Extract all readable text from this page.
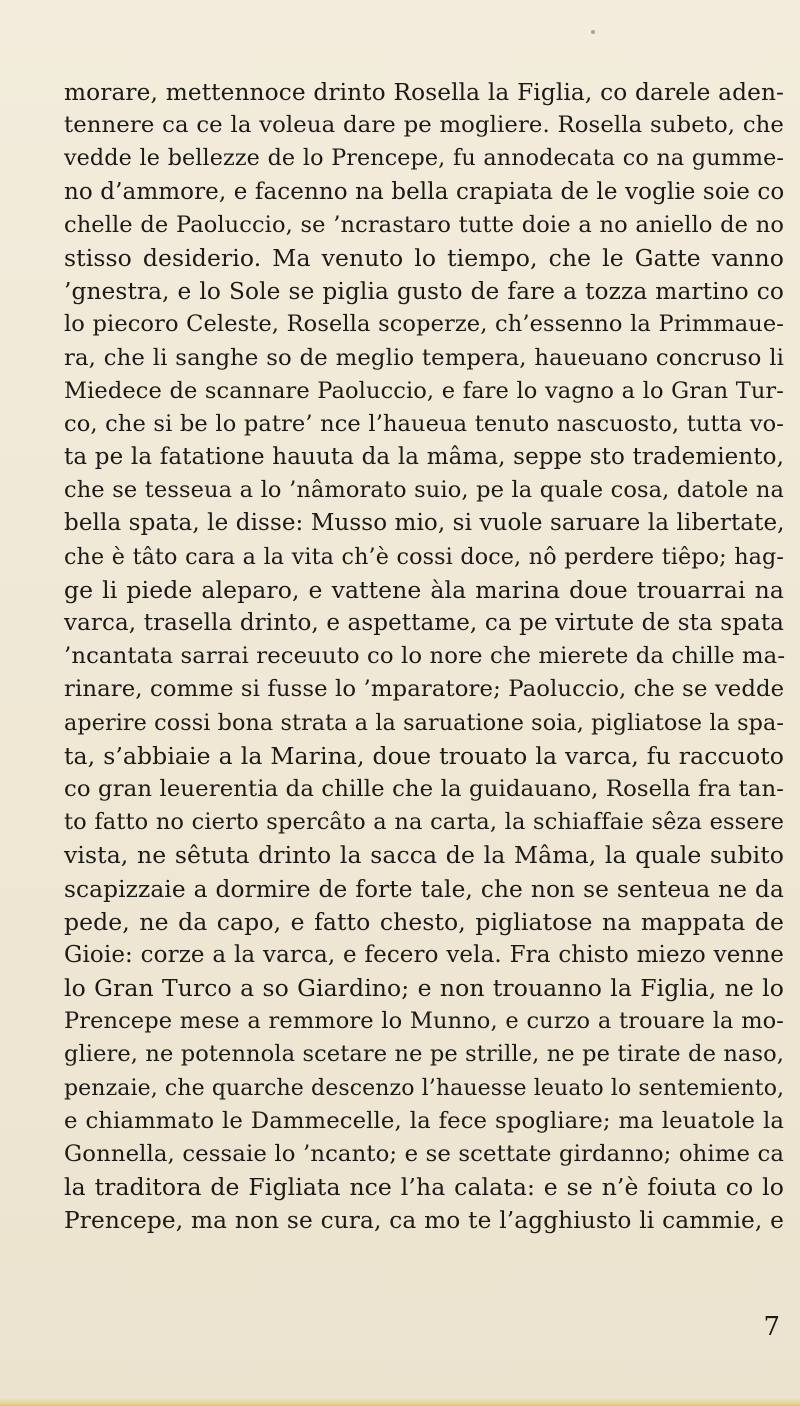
morare, mettennoce drinto Rosella la Figlia, co darele aden-
tennere ca ce la voleua dare pe mogliere. Rosella subeto, che
vedde le bellezze de lo Prencepe, fu annodecata co na gumme-
no d’ammore, e facenno na bella crapiata de le voglie soie co
chelle de Paoluccio, se ’ncrastaro tutte doie a no aniello de no
stisso desiderio. Ma venuto lo tiempo, che le Gatte vanno
’gnestra, e lo Sole se piglia gusto de fare a tozza martino co
lo piecoro Celeste, Rosella scoperze, ch’essenno la Primmaue-
ra, che li sanghe so de meglio tempera, haueuano concruso li
Miedece de scannare Paoluccio, e fare lo vagno a lo Gran Tur-
co, che si be lo patre’ nce l’haueua tenuto nascuosto, tutta vo-
ta pe la fatatione hauuta da la mâma, seppe sto trademiento,
che se tesseua a lo ’nâmorato suio, pe la quale cosa, datole na
bella spata, le disse: Musso mio, si vuole saruare la libertate,
che è tâto cara a la vita ch’è cossi doce, nô perdere tiêpo; hag-
ge li piede aleparo, e vattene àla marina doue trouarrai na
varca, trasella drinto, e aspettame, ca pe virtute de sta spata
’ncantata sarrai receuuto co lo nore che mierete da chille ma-
rinare, comme si fusse lo ’mparatore; Paoluccio, che se vedde
aperire cossi bona strata a la saruatione soia, pigliatose la spa-
ta, s’abbiaie a la Marina, doue trouato la varca, fu raccuoto
co gran leuerentia da chille che la guidauano, Rosella fra tan-
to fatto no cierto spercâto a na carta, la schiaffaie sêza essere
vista, ne sêtuta drinto la sacca de la Mâma, la quale subito
scapizzaie a dormire de forte tale, che non se senteua ne da
pede, ne da capo, e fatto chesto, pigliatose na mappata de
Gioie: corze a la varca, e fecero vela. Fra chisto miezo venne
lo Gran Turco a so Giardino; e non trouanno la Figlia, ne lo
Prencepe mese a remmore lo Munno, e curzo a trouare la mo-
gliere, ne potennola scetare ne pe strille, ne pe tirate de naso,
penzaie, che quarche descenzo l’hauesse leuato lo sentemiento,
e chiammato le Dammecelle, la fece spogliare; ma leuatole la
Gonnella, cessaie lo ’ncanto; e se scettate girdanno; ohime ca
la traditora de Figliata nce l’ha calata: e se n’è foiuta co lo
Prencepe, ma non se cura, ca mo te l’agghiusto li cammie, e
7
